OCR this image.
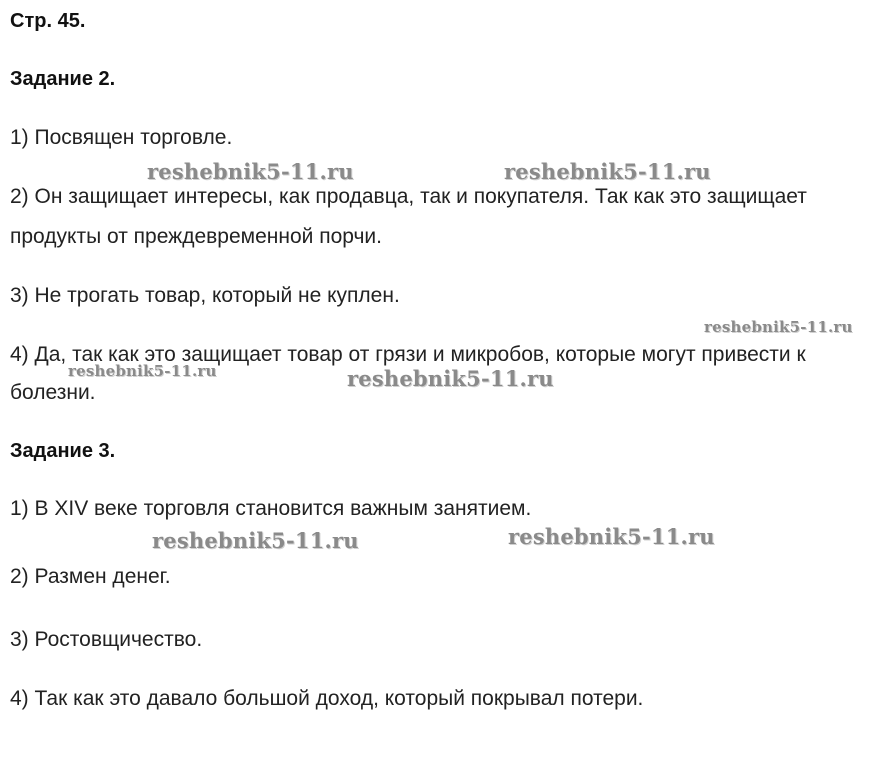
Стр. 45.
Задание 2.
1) Посвящен торговле.
2) Он защищает интересы, как продавца, так и покупателя. Так как это защищает
продукты от преждевременной порчи.
3) Не трогать товар, который не куплен.
4) Да, так как это защищает товар от грязи и микробов, которые могут привести к
болезни.
Задание 3.
1) В XIV веке торговля становится важным занятием.
2) Размен денег.
3) Ростовщичество.
4) Так как это давало большой доход, который покрывал потери.
reshebnik5-11.ru	reshebnik5-11.ru
reshebnik5-11.ru
reshebnik5-11.ru	reshebnik5-11.ru
reshebnik5-11.ru	reshebnik5-11.ru
